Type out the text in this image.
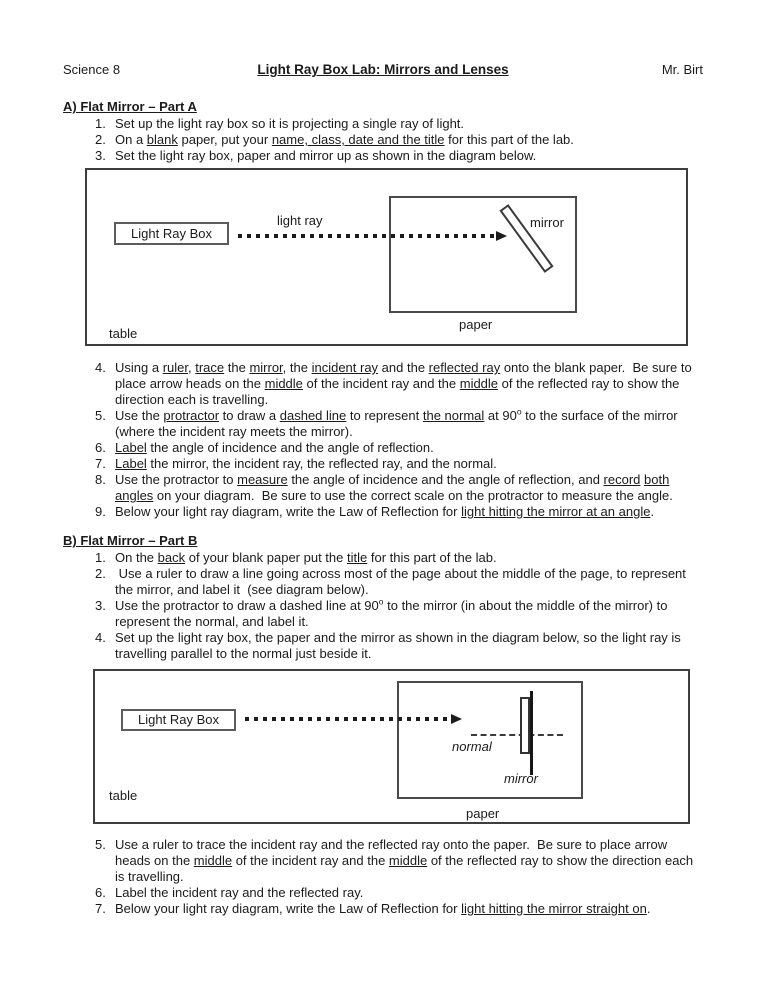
Science 8	Light Ray Box Lab: Mirrors and Lenses	Mr. Birt
A) Flat Mirror – Part A
1. Set up the light ray box so it is projecting a single ray of light.
2. On a blank paper, put your name, class, date and the title for this part of the lab.
3. Set the light ray box, paper and mirror up as shown in the diagram below.
Light Ray Box
light ray	mirror
paper
table
4. Using a ruler, trace the mirror, the incident ray and the reflected ray onto the blank paper.  Be sure to place arrow heads on the middle of the incident ray and the middle of the reflected ray to show the direction each is travelling.
5. Use the protractor to draw a dashed line to represent the normal at 90$^o$ to the surface of the mirror (where the incident ray meets the mirror).
6. Label the angle of incidence and the angle of reflection.
7. Label the mirror, the incident ray, the reflected ray, and the normal.
8. Use the protractor to measure the angle of incidence and the angle of reflection, and record both angles on your diagram.  Be sure to use the correct scale on the protractor to measure the angle.
9. Below your light ray diagram, write the Law of Reflection for light hitting the mirror at an angle.
B) Flat Mirror – Part B
1. On the back of your blank paper put the title for this part of the lab.
2. Use a ruler to draw a line going across most of the page about the middle of the page, to represent the mirror, and label it  (see diagram below).
3. Use the protractor to draw a dashed line at 90$^o$ to the mirror (in about the middle of the mirror) to represent the normal, and label it.
4. Set up the light ray box, the paper and the mirror as shown in the diagram below, so the light ray is travelling parallel to the normal just beside it.
Light Ray Box
normal
mirror
paper
table
5. Use a ruler to trace the incident ray and the reflected ray onto the paper.  Be sure to place arrow heads on the middle of the incident ray and the middle of the reflected ray to show the direction each is travelling.
6. Label the incident ray and the reflected ray.
7. Below your light ray diagram, write the Law of Reflection for light hitting the mirror straight on.
